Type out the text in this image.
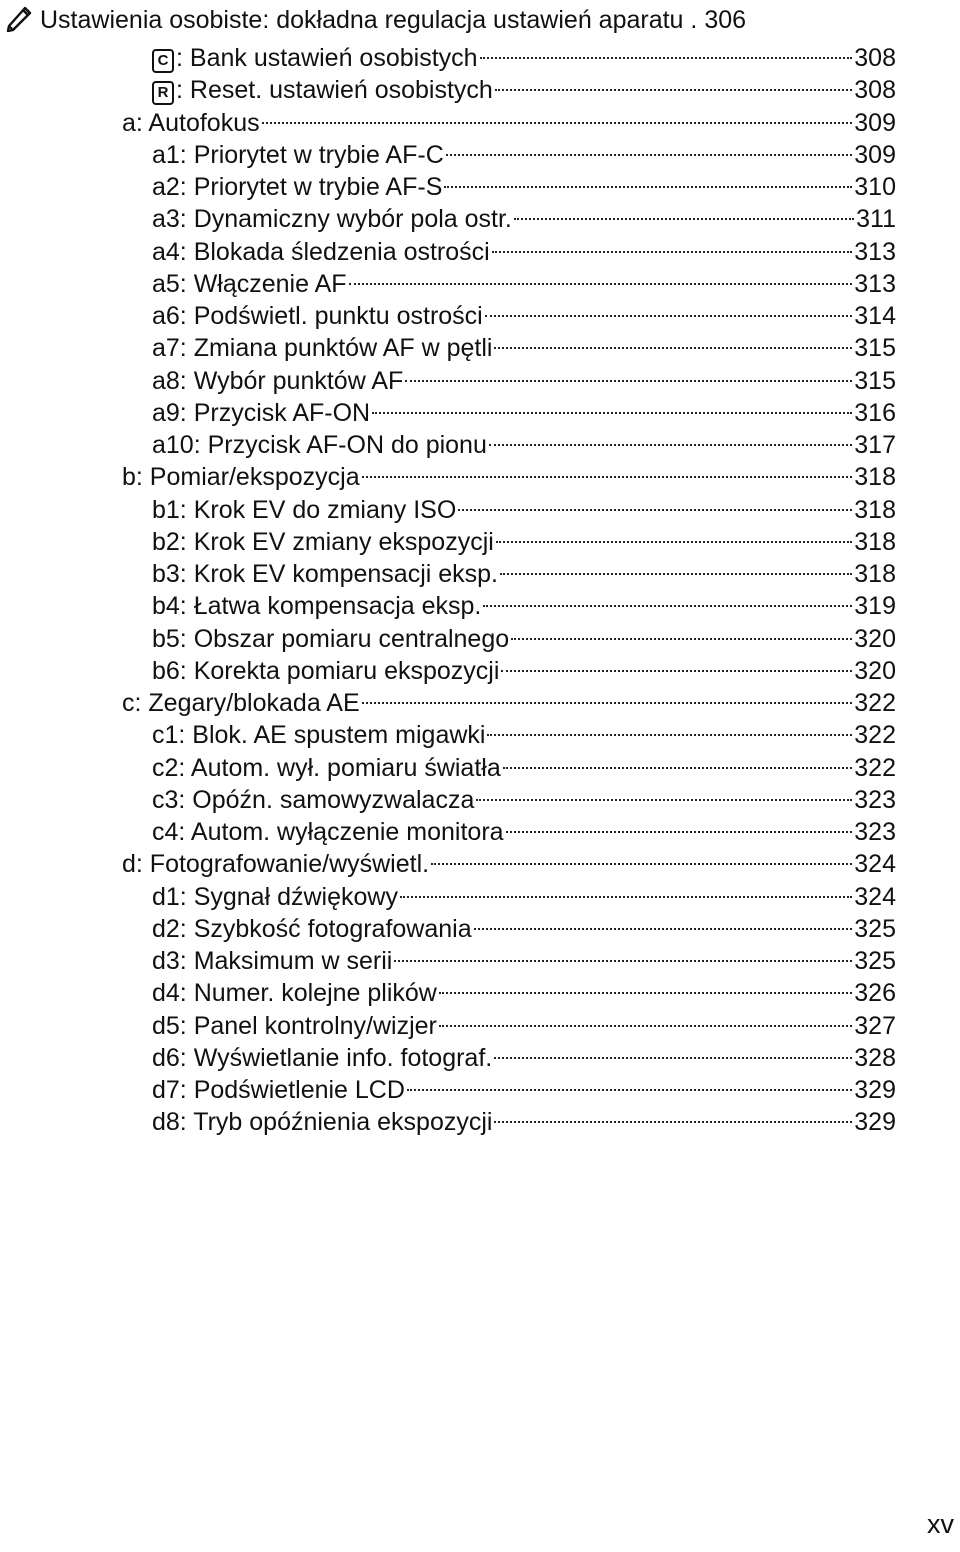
Ustawienia osobiste: dokładna regulacja ustawień aparatu . 306
C : Bank ustawień osobistych	308
R : Reset. ustawień osobistych	308
a: Autofokus	309
a1: Priorytet w trybie AF-C	309
a2: Priorytet w trybie AF-S	310
a3: Dynamiczny wybór pola ostr.	311
a4: Blokada śledzenia ostrości	313
a5: Włączenie AF	313
a6: Podświetl. punktu ostrości	314
a7: Zmiana punktów AF w pętli	315
a8: Wybór punktów AF	315
a9: Przycisk AF-ON	316
a10: Przycisk AF-ON do pionu	317
b: Pomiar/ekspozycja	318
b1: Krok EV do zmiany ISO	318
b2: Krok EV zmiany ekspozycji	318
b3: Krok EV kompensacji eksp.	318
b4: Łatwa kompensacja eksp.	319
b5: Obszar pomiaru centralnego	320
b6: Korekta pomiaru ekspozycji	320
c: Zegary/blokada AE	322
c1: Blok. AE spustem migawki	322
c2: Autom. wył. pomiaru światła	322
c3: Opóźn. samowyzwalacza	323
c4: Autom. wyłączenie monitora	323
d: Fotografowanie/wyświetl.	324
d1: Sygnał dźwiękowy	324
d2: Szybkość fotografowania	325
d3: Maksimum w serii	325
d4: Numer. kolejne plików	326
d5: Panel kontrolny/wizjer	327
d6: Wyświetlanie info. fotograf.	328
d7: Podświetlenie LCD	329
d8: Tryb opóźnienia ekspozycji	329
xv
